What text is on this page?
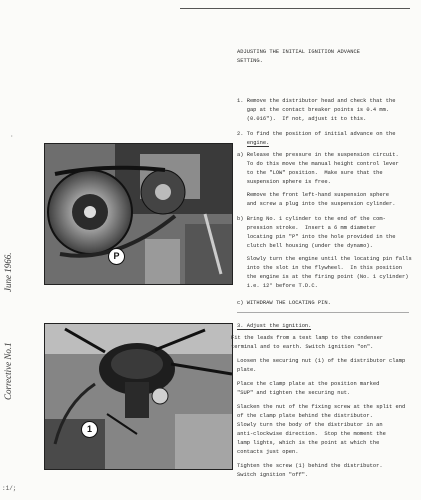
June 1966.
Corrective No.1
·
:1/;
P
1
ADJUSTING THE INITIAL IGNITION ADVANCE
SETTING.
1. Remove the distributor head and check that the
gap at the contact breaker points is 0.4 mm.
(0.016").  If not, adjust it to this.
2. To find the position of initial advance on the
engine.
a) Release the pressure in the suspension circuit.
To do this move the manual height control lever
to the "LOW" position.  Make sure that the
suspension sphere is free.
Remove the front left-hand suspension sphere
and screw a plug into the suspension cylinder.
b) Bring No. 1 cylinder to the end of the com-
pression stroke.  Insert a 6 mm diameter
locating pin "P" into the hole provided in the
clutch bell housing (under the dynamo).
Slowly turn the engine until the locating pin falls
into the slot in the flywheel.  In this position
the engine is at the firing point (No. 1 cylinder)
i.e. 12° before T.D.C.
c) WITHDRAW THE LOCATING PIN.
3. Adjust the ignition.
Fit the leads from a test lamp to the condenser
terminal and to earth. Switch ignition "on".
Loosen the securing nut (1) of the distributor clamp
plate.
Place the clamp plate at the position marked
"SUP" and tighten the securing nut.
Slacken the nut of the fixing screw at the split end
of the clamp plate behind the distributor.
Slowly turn the body of the distributor in an
anti-clockwise direction.  Stop the moment the
lamp lights, which is the point at which the
contacts just open.
Tighten the screw (1) behind the distributor.
Switch ignition "off".
